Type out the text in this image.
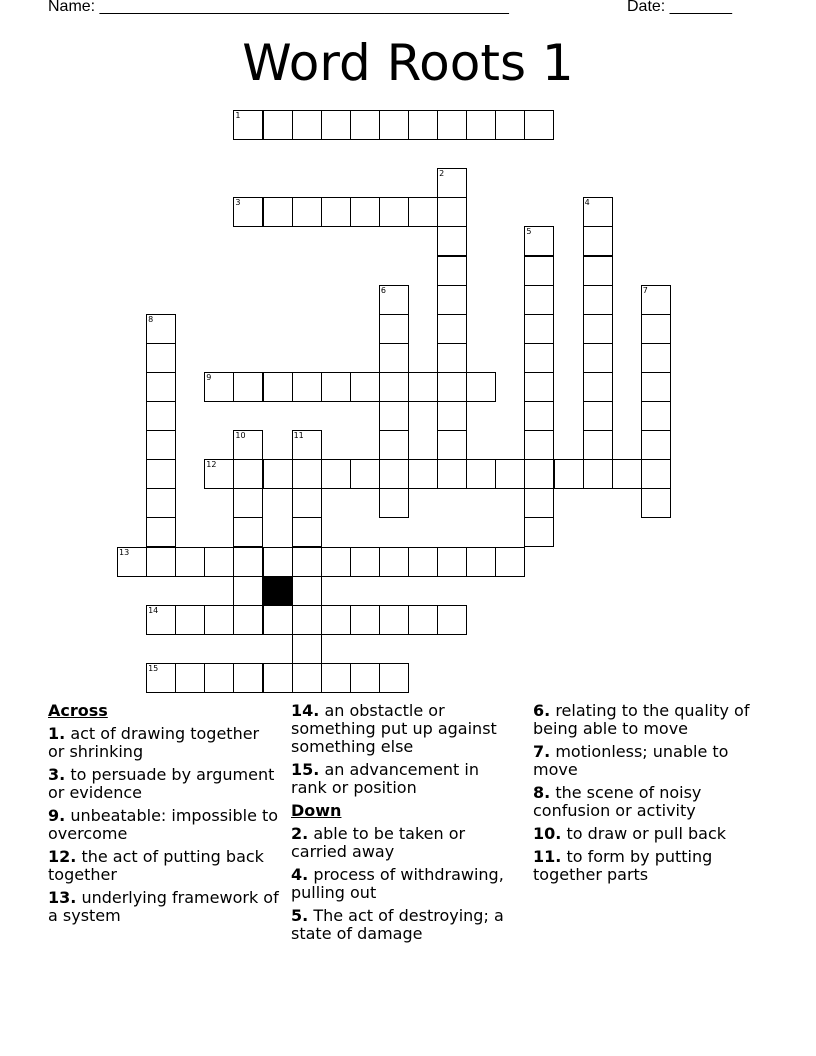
Name: ______________________________________________	Date: _______
Word Roots 1
1
3
9
12
13
14
15
2
4
5
6	7
8
10	11
Across
1. act of drawing together or shrinking
3. to persuade by argument or evidence
9. unbeatable: impossible to overcome
12. the act of putting back together
13. underlying framework of a system
14. an obstactle or something put up against something else
15. an advancement in rank or position
Down
2. able to be taken or carried away
4. process of withdrawing, pulling out
5. The act of destroying; a state of damage
6. relating to the quality of being able to move
7. motionless; unable to move
8. the scene of noisy confusion or activity
10. to draw or pull back
11. to form by putting together parts
